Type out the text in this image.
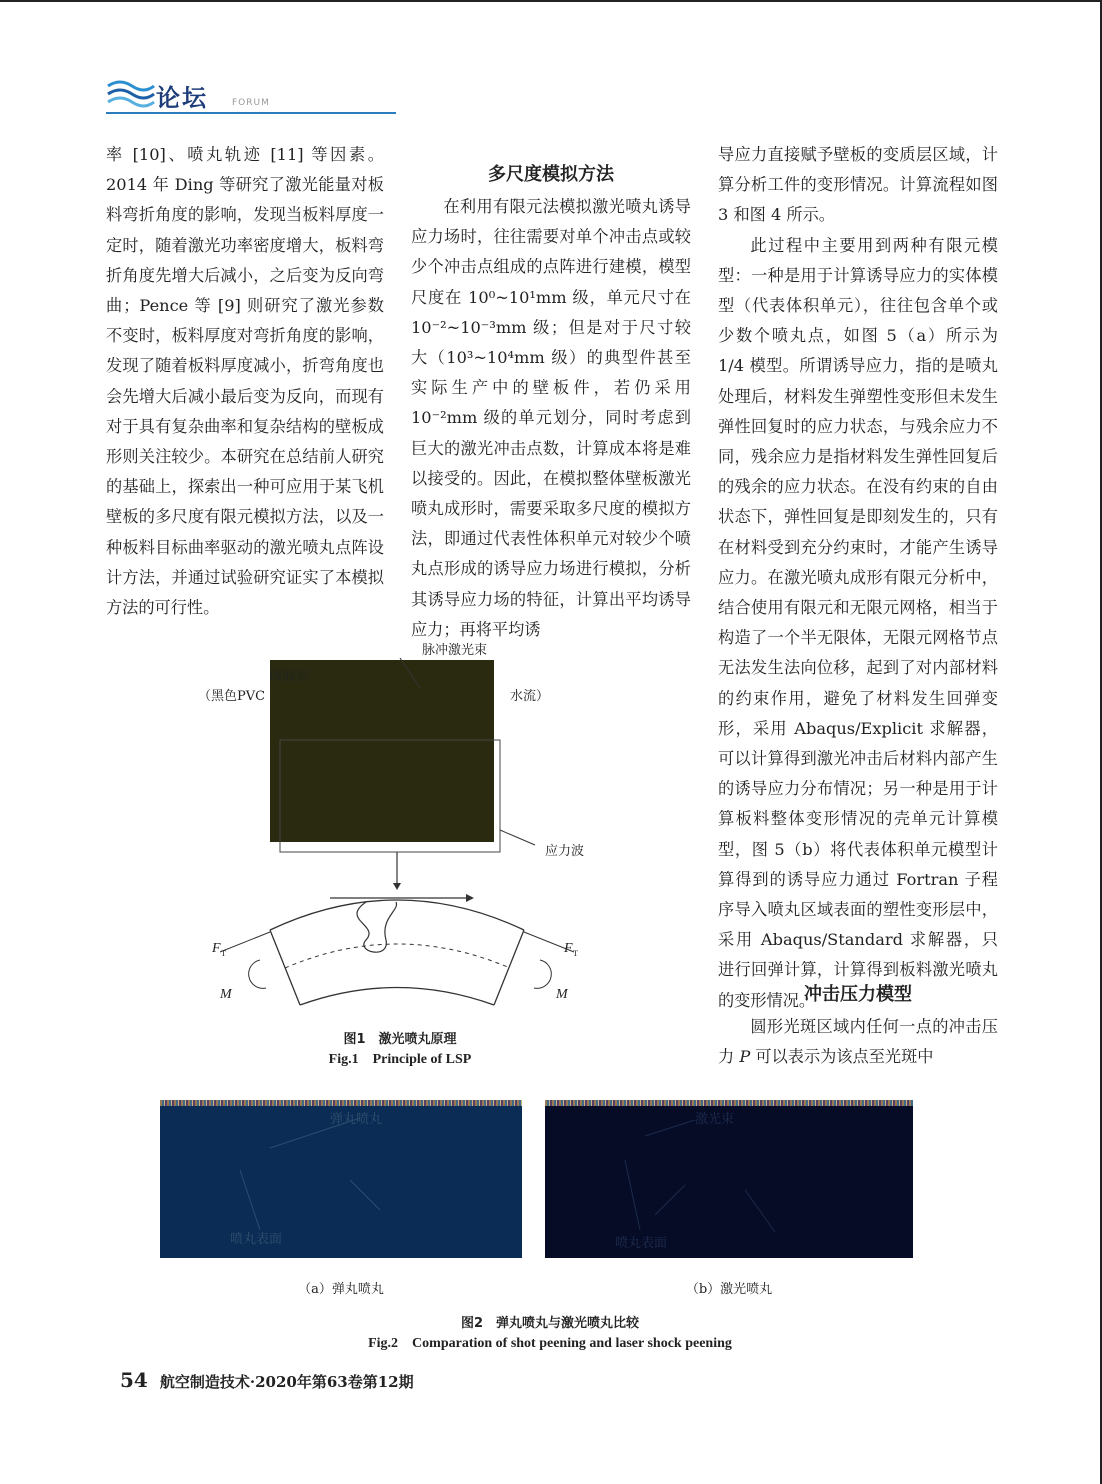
论坛	FORUM

率 [10]、喷丸轨迹 [11] 等因素。2014 年 Ding 等研究了激光能量对板料弯折角度的影响，发现当板料厚度一定时，随着激光功率密度增大，板料弯折角度先增大后减小，之后变为反向弯曲；Pence 等 [9] 则研究了激光参数不变时，板料厚度对弯折角度的影响，发现了随着板料厚度减小，折弯角度也会先增大后减小最后变为反向，而现有对于具有复杂曲率和复杂结构的壁板成形则关注较少。本研究在总结前人研究的基础上，探索出一种可应用于某飞机壁板的多尺度有限元模拟方法，以及一种板料目标曲率驱动的激光喷丸点阵设计方法，并通过试验研究证实了本模拟方法的可行性。

多尺度模拟方法

在利用有限元法模拟激光喷丸诱导应力场时，往往需要对单个冲击点或较少个冲击点组成的点阵进行建模，模型尺度在 10⁰~10¹mm 级，单元尺寸在 10⁻²~10⁻³mm 级；但是对于尺寸较大（10³~10⁴mm 级）的典型件甚至实际生产中的壁板件，若仍采用 10⁻²mm 级的单元划分，同时考虑到巨大的激光冲击点数，计算成本将是难以接受的。因此，在模拟整体壁板激光喷丸成形时，需要采取多尺度的模拟方法，即通过代表性体积单元对较少个喷丸点形成的诱导应力场进行模拟，分析其诱导应力场的特征，计算出平均诱导应力；再将平均诱

导应力直接赋予壁板的变质层区域，计算分析工件的变形情况。计算流程如图 3 和图 4 所示。

此过程中主要用到两种有限元模型：一种是用于计算诱导应力的实体模型（代表体积单元），往往包含单个或少数个喷丸点，如图 5（a）所示为 1/4 模型。所谓诱导应力，指的是喷丸处理后，材料发生弹塑性变形但未发生弹性回复时的应力状态，与残余应力不同，残余应力是指材料发生弹性回复后的残余的应力状态。在没有约束的自由状态下，弹性回复是即刻发生的，只有在材料受到充分约束时，才能产生诱导应力。在激光喷丸成形有限元分析中，结合使用有限元和无限元网格，相当于构造了一个半无限体，无限元网格节点无法发生法向位移，起到了对内部材料的约束作用，避免了材料发生回弹变形，采用 Abaqus/Explicit 求解器，可以计算得到激光冲击后材料内部产生的诱导应力分布情况；另一种是用于计算板料整体变形情况的壳单元计算模型，图 5（b）将代表体积单元模型计算得到的诱导应力通过 Fortran 子程序导入喷丸区域表面的塑性变形层中，采用 Abaqus/Standard 求解器，只进行回弹计算，计算得到板料激光喷丸的变形情况。

冲击压力模型

圆形光斑区域内任何一点的冲击压力 P 可以表示为该点至光斑中

脉冲激光束
吸收层
（黑色PVC	水流）
应力波
F T	F T
M	M
图1　激光喷丸原理
Fig.1　Principle of LSP
弹丸喷丸
喷丸表面
激光束
喷丸表面
（a）弹丸喷丸	（b）激光喷丸
图2　弹丸喷丸与激光喷丸比较
Fig.2　Comparation of shot peening and laser shock peening
54 航空制造技术·2020年第63卷第12期
